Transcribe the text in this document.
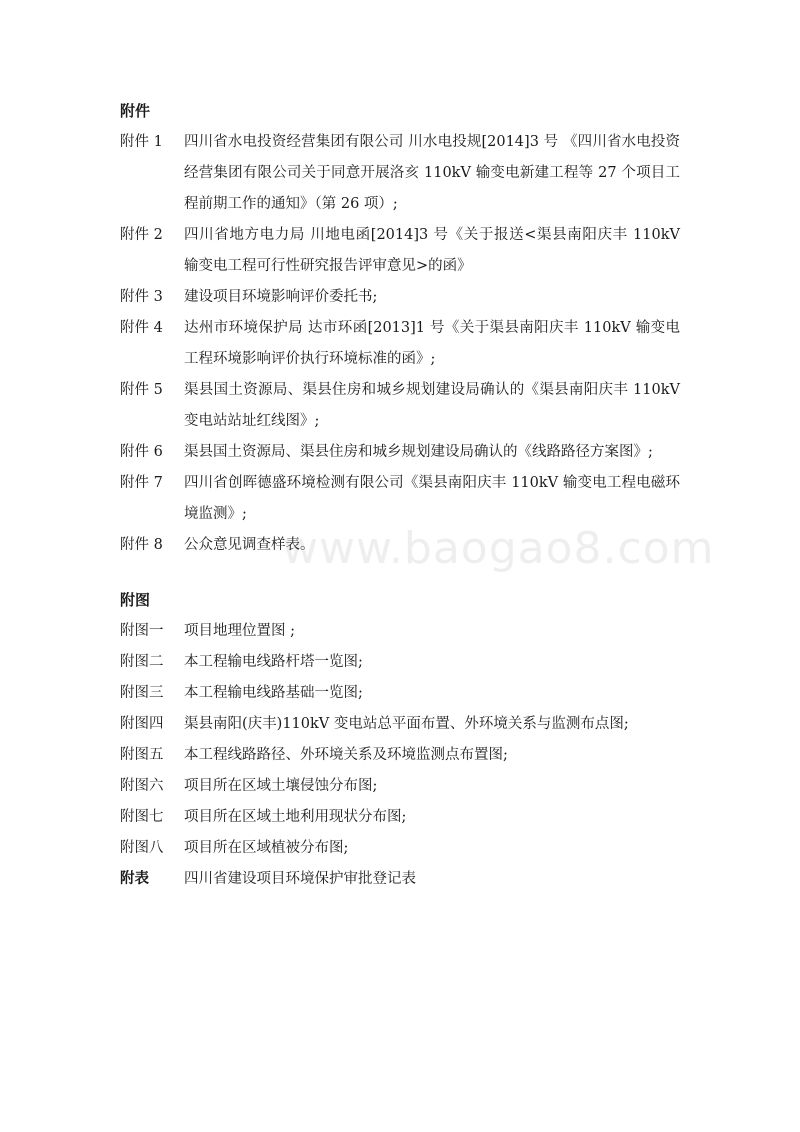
附件
附件 1 四川省水电投资经营集团有限公司 川水电投规[2014]3 号 《四川省水电投资经营集团有限公司关于同意开展洛亥 110kV 输变电新建工程等 27 个项目工程前期工作的通知》（第 26 项）;
附件 2 四川省地方电力局 川地电函[2014]3 号《关于报送<渠县南阳庆丰 110kV 输变电工程可行性研究报告评审意见>的函》
附件 3 建设项目环境影响评价委托书;
附件 4 达州市环境保护局 达市环函[2013]1 号《关于渠县南阳庆丰 110kV 输变电工程环境影响评价执行环境标准的函》;
附件 5 渠县国土资源局、渠县住房和城乡规划建设局确认的《渠县南阳庆丰 110kV 变电站站址红线图》;
附件 6 渠县国土资源局、渠县住房和城乡规划建设局确认的《线路路径方案图》;
附件 7 四川省创晖德盛环境检测有限公司《渠县南阳庆丰 110kV 输变电工程电磁环境监测》;
附件 8 公众意见调查样表。
附图
附图一 项目地理位置图 ;
附图二 本工程输电线路杆塔一览图;
附图三 本工程输电线路基础一览图;
附图四 渠县南阳(庆丰)110kV 变电站总平面布置、外环境关系与监测布点图;
附图五 本工程线路路径、外环境关系及环境监测点布置图;
附图六 项目所在区域土壤侵蚀分布图;
附图七 项目所在区域土地利用现状分布图;
附图八 项目所在区域植被分布图;
附表 四川省建设项目环境保护审批登记表
www.baogao8.com
